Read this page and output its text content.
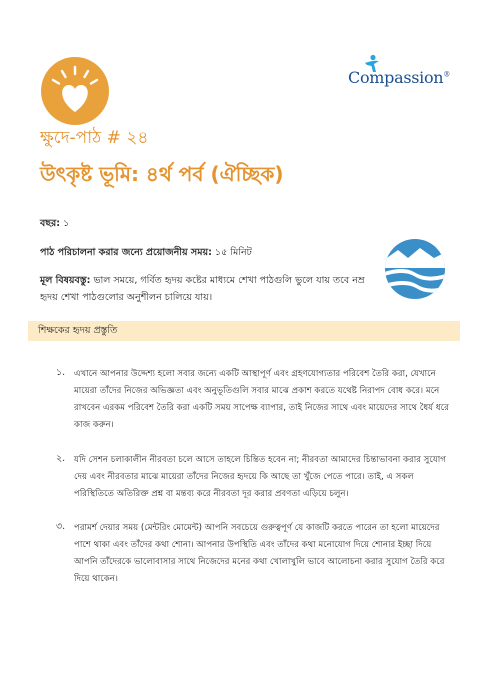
Compassion®
ক্ষুদে-পাঠ # ২৪
উৎকৃষ্ট ভূমি: ৪র্থ পর্ব (ঐচ্ছিক)
বছর: ১
পাঠ পরিচালনা করার জন্যে প্রয়োজনীয় সময়: ১৫ মিনিট
মূল বিষয়বস্তু: ভাল সময়ে, গর্বিত হৃদয় কষ্টের মাধ্যমে শেখা পাঠগুলি ভুলে যায় তবে নম্র হৃদয় শেখা পাঠগুলোর অনুশীলন চালিয়ে যায়।
শিক্ষকের হৃদয় প্রস্তুতি
১. এখানে আপনার উদ্দেশ্য হলো সবার জন্যে একটি আস্থাপূর্ণ এবং গ্রহণযোগ্যতার পরিবেশ তৈরি করা, যেখানে মায়েরা তাঁদের নিজের অভিজ্ঞতা এবং অনুভূতিগুলি সবার মাঝে প্রকাশ করতে যথেষ্ট নিরাপদ বোধ করে। মনে রাখবেন এরকম পরিবেশ তৈরি করা একটি সময় সাপেক্ষ ব্যাপার, তাই নিজের সাথে এবং মায়েদের সাথে ধৈর্য ধরে কাজ করুন।
২. যদি সেশন চলাকালীন নীরবতা চলে আসে তাহলে চিন্তিত হবেন না; নীরবতা আমাদের চিন্তাভাবনা করার সুযোগ দেয় এবং নীরবতার মাঝে মায়েরা তাঁদের নিজের হৃদয়ে কি আছে তা খুঁজে পেতে পারে। তাই, এ সকল পরিস্থিতিতে অতিরিক্ত প্রশ্ন বা মন্তব্য করে নীরবতা দূর করার প্রবণতা এড়িয়ে চলুন।
৩. পরামর্শ দেয়ার সময় (মেন্টরিং মোমেন্ট) আপনি সবচেয়ে গুরুত্বপূর্ণ যে কাজটি করতে পারেন তা হলো মায়েদের পাশে থাকা এবং তাঁদের কথা শোনা। আপনার উপস্থিতি এবং তাঁদের কথা মনোযোগ দিয়ে শোনার ইচ্ছা দিয়ে আপনি তাঁদেরকে ভালোবাসার সাথে নিজেদের মনের কথা খোলাখুলি ভাবে আলোচনা করার সুযোগ তৈরি করে দিয়ে থাকেন।
